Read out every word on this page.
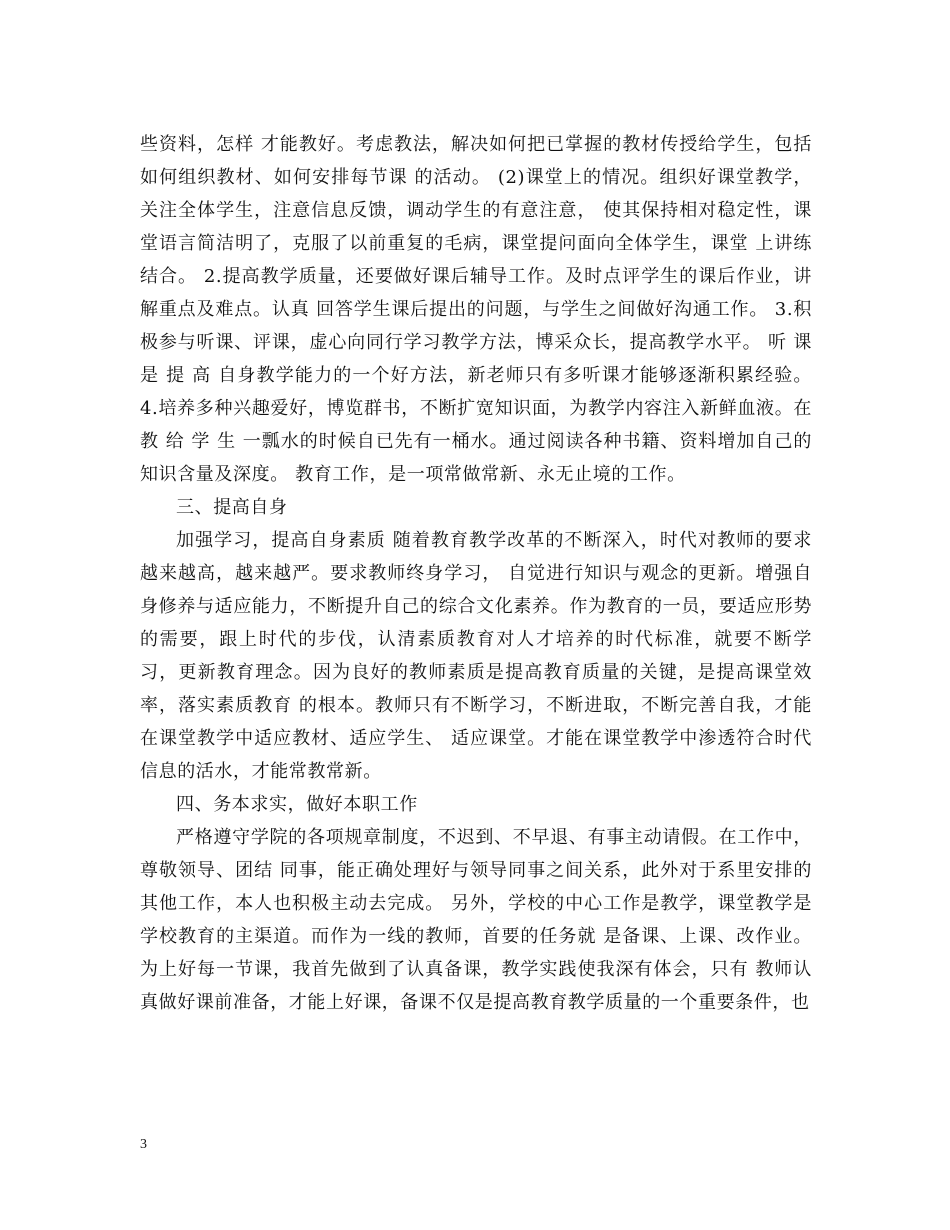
些资料，怎样 才能教好。考虑教法，解决如何把已掌握的教材传授给学生，包括如何组织教材、如何安排每节课 的活动。 (2)课堂上的情况。组织好课堂教学，关注全体学生，注意信息反馈，调动学生的有意注意， 使其保持相对稳定性，课堂语言简洁明了，克服了以前重复的毛病，课堂提问面向全体学生，课堂 上讲练结合。 2.提高教学质量，还要做好课后辅导工作。及时点评学生的课后作业，讲解重点及难点。认真 回答学生课后提出的问题，与学生之间做好沟通工作。 3.积极参与听课、评课，虚心向同行学习教学方法，博采众长，提高教学水平。 听 课 是 提 高 自身教学能力的一个好方法，新老师只有多听课才能够逐渐积累经验。 4.培养多种兴趣爱好，博览群书，不断扩宽知识面，为教学内容注入新鲜血液。在 教 给 学 生 一瓢水的时候自已先有一桶水。通过阅读各种书籍、资料增加自己的知识含量及深度。 教育工作，是一项常做常新、永无止境的工作。

三、提高自身

加强学习，提高自身素质 随着教育教学改革的不断深入，时代对教师的要求越来越高，越来越严。要求教师终身学习， 自觉进行知识与观念的更新。增强自身修养与适应能力，不断提升自己的综合文化素养。作为教育的一员，要适应形势的需要，跟上时代的步伐，认清素质教育对人才培养的时代标准，就要不断学 习，更新教育理念。因为良好的教师素质是提高教育质量的关键，是提高课堂效率，落实素质教育 的根本。教师只有不断学习，不断进取，不断完善自我，才能在课堂教学中适应教材、适应学生、 适应课堂。才能在课堂教学中渗透符合时代信息的活水，才能常教常新。

四、务本求实，做好本职工作

严格遵守学院的各项规章制度，不迟到、不早退、有事主动请假。在工作中，尊敬领导、团结 同事，能正确处理好与领导同事之间关系，此外对于系里安排的其他工作，本人也积极主动去完成。 另外，学校的中心工作是教学，课堂教学是学校教育的主渠道。而作为一线的教师，首要的任务就 是备课、上课、改作业。为上好每一节课，我首先做到了认真备课，教学实践使我深有体会，只有 教师认真做好课前准备，才能上好课，备课不仅是提高教育教学质量的一个重要条件，也

3
